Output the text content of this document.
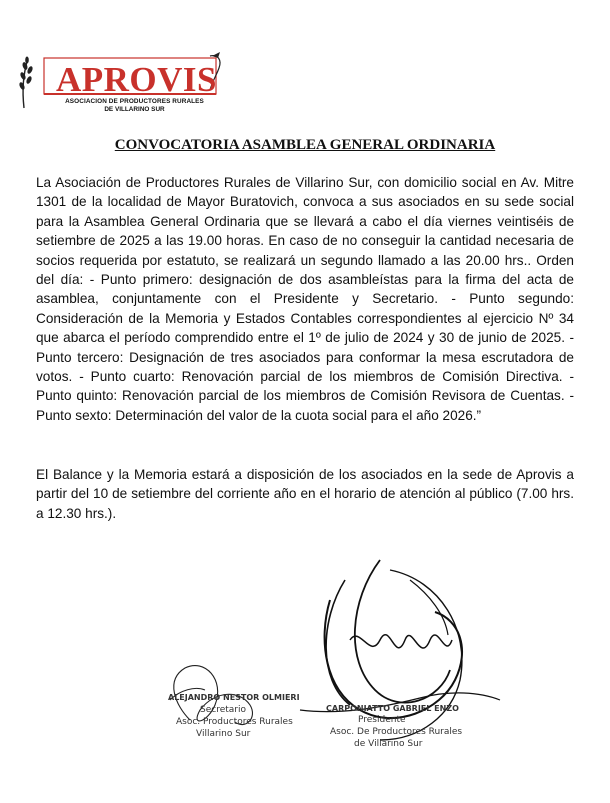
APROVIS
ASOCIACION DE PRODUCTORES RURALES
DE VILLARINO SUR
CONVOCATORIA ASAMBLEA GENERAL ORDINARIA

La Asociación de Productores Rurales de Villarino Sur, con domicilio social en Av. Mitre 1301 de la localidad de Mayor Buratovich, convoca a sus asociados en su sede social para la Asamblea General Ordinaria que se llevará a cabo el día viernes veintiséis de setiembre de 2025 a las 19.00 horas. En caso de no conseguir la cantidad necesaria de socios requerida por estatuto, se realizará un segundo llamado a las 20.00 hrs.. Orden del día: - Punto primero: designación de dos asambleístas para la firma del acta de asamblea, conjuntamente con el Presidente y Secretario. - Punto segundo: Consideración de la Memoria y Estados Contables correspondientes al ejercicio Nº 34 que abarca el período comprendido entre el 1º de julio de 2024 y 30 de junio de 2025. - Punto tercero: Designación de tres asociados para conformar la mesa escrutadora de votos. - Punto cuarto: Renovación parcial de los miembros de Comisión Directiva. - Punto quinto: Renovación parcial de los miembros de Comisión Revisora de Cuentas. - Punto sexto: Determinación del valor de la cuota social para el año 2026.”

El Balance y la Memoria estará a disposición de los asociados en la sede de Aprovis a partir del 10 de setiembre del corriente año en el horario de atención al público (7.00 hrs. a 12.30 hrs.).

ALEJANDRO NESTOR OLMIERI
Secretario
Asoc. Productores Rurales
Villarino Sur
CARPONIATTO GABRIEL ENZO
Presidente
Asoc. De Productores Rurales
de Villarino Sur
